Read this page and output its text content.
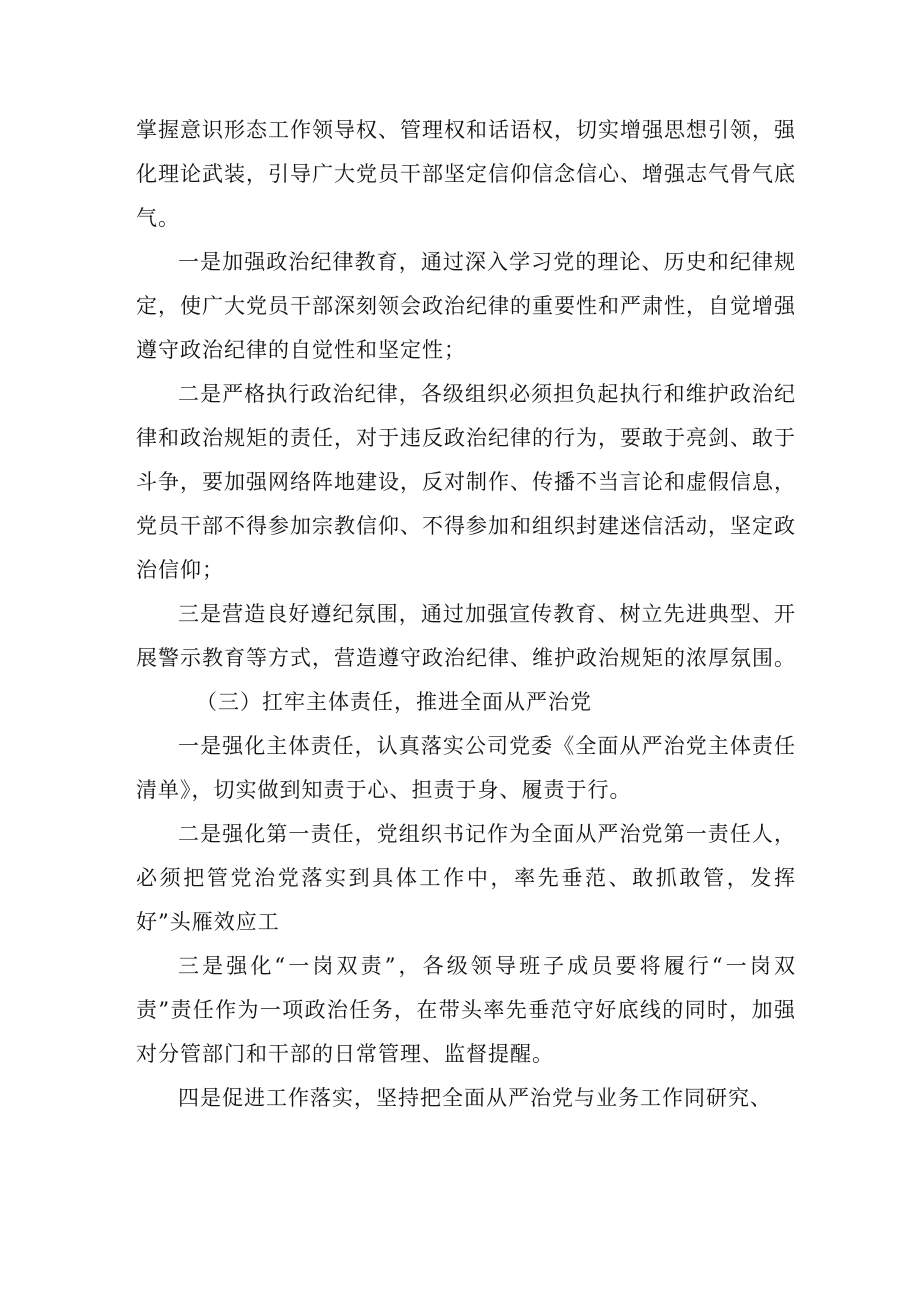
掌握意识形态工作领导权、管理权和话语权，切实增强思想引领，强化理论武装，引导广大党员干部坚定信仰信念信心、增强志气骨气底气。

一是加强政治纪律教育，通过深入学习党的理论、历史和纪律规定，使广大党员干部深刻领会政治纪律的重要性和严肃性，自觉增强遵守政治纪律的自觉性和坚定性；

二是严格执行政治纪律，各级组织必须担负起执行和维护政治纪律和政治规矩的责任，对于违反政治纪律的行为，要敢于亮剑、敢于斗争，要加强网络阵地建设，反对制作、传播不当言论和虚假信息，党员干部不得参加宗教信仰、不得参加和组织封建迷信活动，坚定政治信仰；

三是营造良好遵纪氛围，通过加强宣传教育、树立先进典型、开展警示教育等方式，营造遵守政治纪律、维护政治规矩的浓厚氛围。

（三）扛牢主体责任，推进全面从严治党

一是强化主体责任，认真落实公司党委《全面从严治党主体责任清单》，切实做到知责于心、担责于身、履责于行。

二是强化第一责任，党组织书记作为全面从严治党第一责任人，必须把管党治党落实到具体工作中，率先垂范、敢抓敢管，发挥好”头雁效应工

三是强化“一岗双责”，各级领导班子成员要将履行“一岗双责”责任作为一项政治任务，在带头率先垂范守好底线的同时，加强对分管部门和干部的日常管理、监督提醒。

四是促进工作落实，坚持把全面从严治党与业务工作同研究、
